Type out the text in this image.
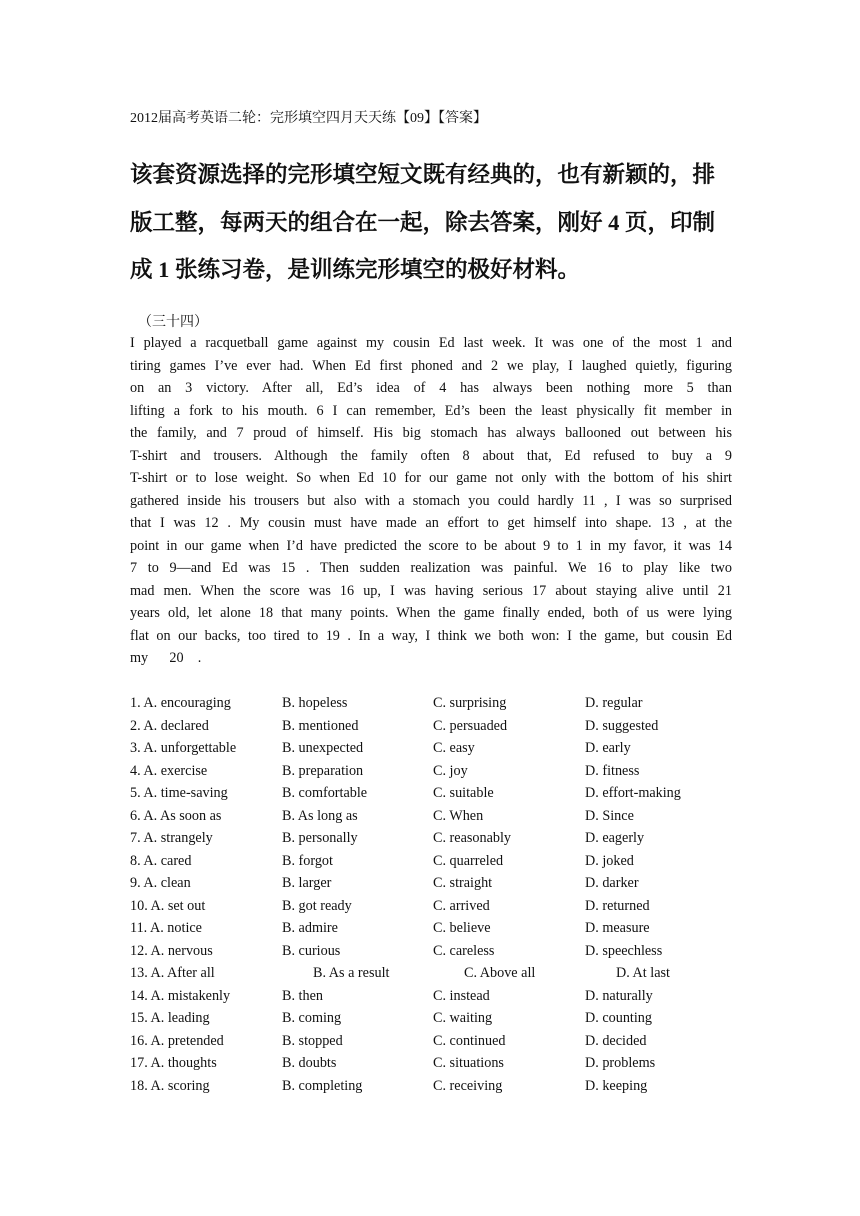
2012届高考英语二轮：完形填空四月天天练【09】【答案】

该套资源选择的完形填空短文既有经典的，也有新颖的，排

版工整，每两天的组合在一起，除去答案，刚好 4 页，印制

成 1 张练习卷，是训练完形填空的极好材料。

（三十四）
I played a racquetball game against my cousin Ed last week. It was one of the most 1 and
tiring games I’ve ever had. When Ed first phoned and 2 we play, I laughed quietly, figuring
on an 3 victory. After all, Ed’s idea of 4 has always been nothing more 5 than
lifting a fork to his mouth. 6 I can remember, Ed’s been the least physically fit member in
the family, and 7 proud of himself. His big stomach has always ballooned out between his
T-shirt and trousers. Although the family often 8 about that, Ed refused to buy a 9
T-shirt or to lose weight. So when Ed 10 for our game not only with the bottom of his shirt
gathered inside his trousers but also with a stomach you could hardly 11 , I was so surprised
that I was 12 . My cousin must have made an effort to get himself into shape. 13 , at the
point in our game when I’d have predicted the score to be about 9 to 1 in my favor, it was 14
7 to 9—and Ed was 15 . Then sudden realization was painful. We 16 to play like two
mad men. When the score was 16 up, I was having serious 17 about staying alive until 21
years old, let alone 18 that many points. When the game finally ended, both of us were lying
flat on our backs, too tired to 19 . In a way, I think we both won: I the game, but cousin Ed
my      20    .
1. A. encouraging	B. hopeless	C. surprising	D. regular
2. A. declared	B. mentioned	C. persuaded	D. suggested
3. A. unforgettable	B. unexpected	C. easy	D. early
4. A. exercise	B. preparation	C. joy	D. fitness
5. A. time-saving	B. comfortable	C. suitable	D. effort-making
6. A. As soon as	B. As long as	C. When	D. Since
7. A. strangely	B. personally	C. reasonably	D. eagerly
8. A. cared	B. forgot	C. quarreled	D. joked
9. A. clean	B. larger	C. straight	D. darker
10. A. set out	B. got ready	C. arrived	D. returned
11. A. notice	B. admire	C. believe	D. measure
12. A. nervous	B. curious	C. careless	D. speechless
13. A. After all	B. As a result	C. Above all	D. At last
14. A. mistakenly	B. then	C. instead	D. naturally
15. A. leading	B. coming	C. waiting	D. counting
16. A. pretended	B. stopped	C. continued	D. decided
17. A. thoughts	B. doubts	C. situations	D. problems
18. A. scoring	B. completing	C. receiving	D. keeping
